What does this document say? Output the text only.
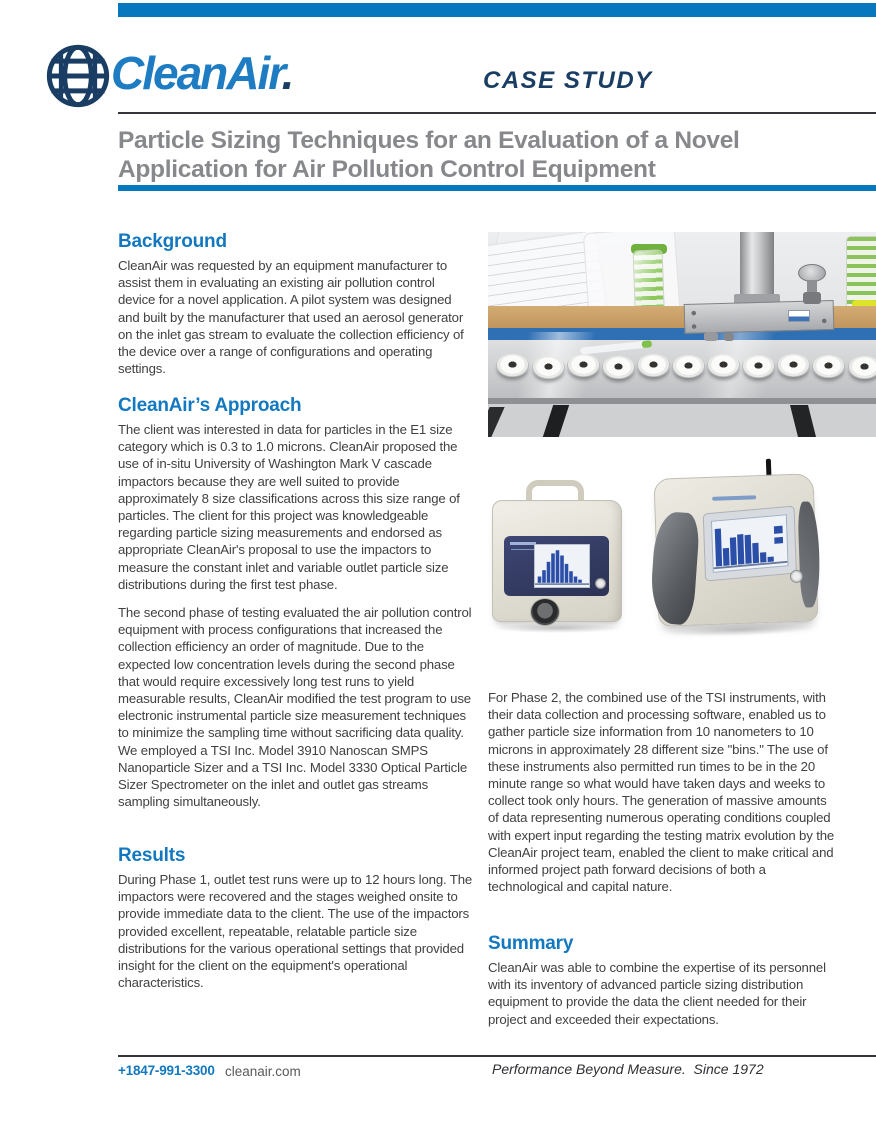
CleanAir.	CASE STUDY
Particle Sizing Techniques for an Evaluation of a Novel Application for Air Pollution Control Equipment
Background

CleanAir was requested by an equipment manufacturer to assist them in evaluating an existing air pollution control device for a novel application. A pilot system was designed and built by the manufacturer that used an aerosol generator on the inlet gas stream to evaluate the collection efficiency of the device over a range of configurations and operating settings.

CleanAir’s Approach

The client was interested in data for particles in the E1 size category which is 0.3 to 1.0 microns. CleanAir proposed the use of in-situ University of Washington Mark V cascade impactors because they are well suited to provide approximately 8 size classifications across this size range of particles. The client for this project was knowledgeable regarding particle sizing measurements and endorsed as appropriate CleanAir's proposal to use the impactors to measure the constant inlet and variable outlet particle size distributions during the first test phase.

The second phase of testing evaluated the air pollution control equipment with process configurations that increased the collection efficiency an order of magnitude. Due to the expected low concentration levels during the second phase that would require excessively long test runs to yield measurable results, CleanAir modified the test program to use electronic instrumental particle size measurement techniques to minimize the sampling time without sacrificing data quality. We employed a TSI Inc. Model 3910 Nanoscan SMPS Nanoparticle Sizer and a TSI Inc. Model 3330 Optical Particle Sizer Spectrometer on the inlet and outlet gas streams sampling simultaneously.

Results

During Phase 1, outlet test runs were up to 12 hours long. The impactors were recovered and the stages weighed onsite to provide immediate data to the client. The use of the impactors provided excellent, repeatable, relatable particle size distributions for the various operational settings that provided insight for the client on the equipment's operational characteristics.

For Phase 2, the combined use of the TSI instruments, with their data collection and processing software, enabled us to gather particle size information from 10 nanometers to 10 microns in approximately 28 different size "bins." The use of these instruments also permitted run times to be in the 20 minute range so what would have taken days and weeks to collect took only hours. The generation of massive amounts of data representing numerous operating conditions coupled with expert input regarding the testing matrix evolution by the CleanAir project team, enabled the client to make critical and informed project path forward decisions of both a technological and capital nature.

Summary

CleanAir was able to combine the expertise of its personnel with its inventory of advanced particle sizing distribution equipment to provide the data the client needed for their project and exceeded their expectations.

+1847-991-3300 cleanair.com	Performance Beyond Measure.  Since 1972
